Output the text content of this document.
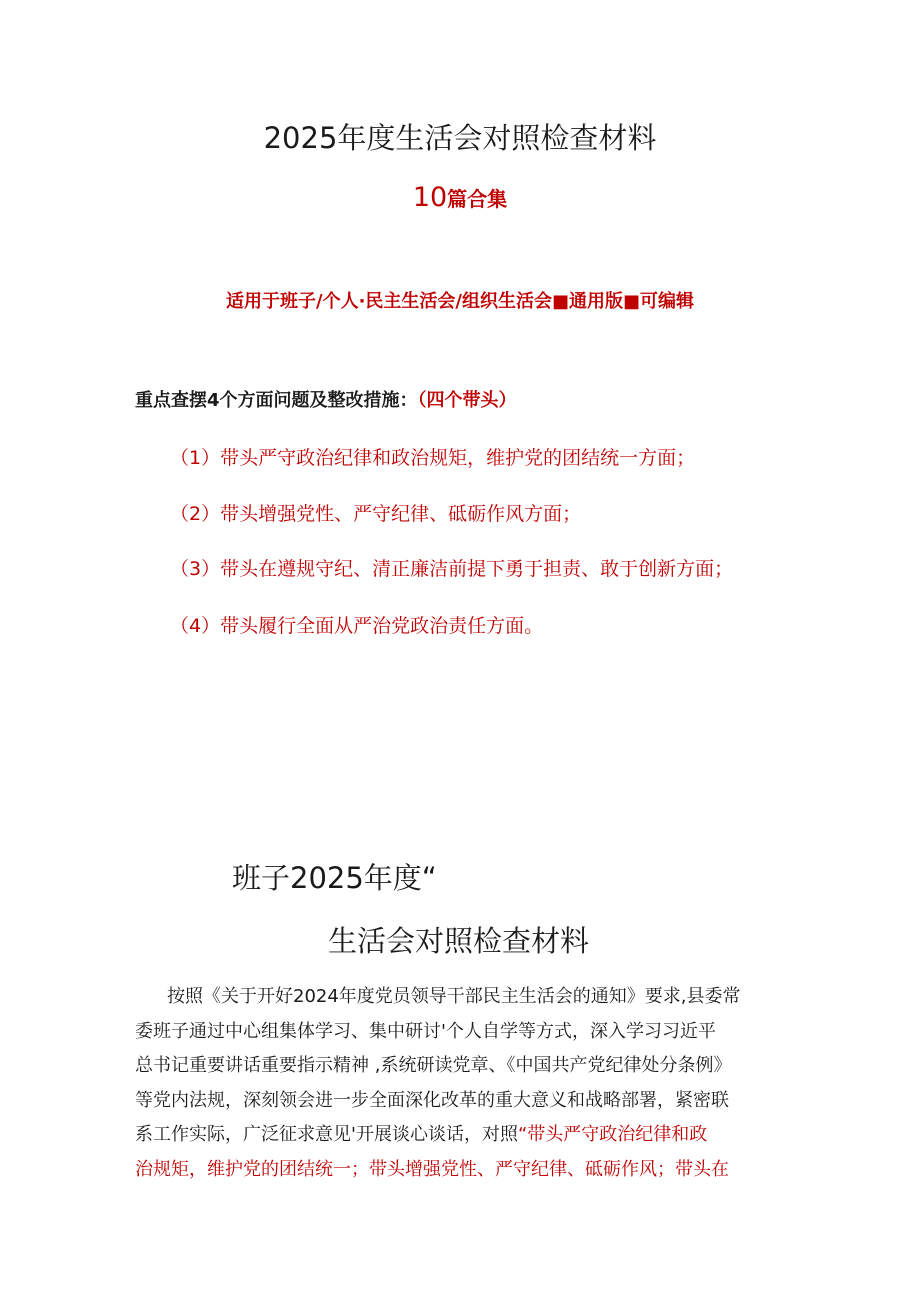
2025年度生活会对照检查材料
10篇合集
适用于班子/个人·民主生活会/组织生活会■通用版■可编辑
重点查摆4个方面问题及整改措施：（四个带头）
（1）带头严守政治纪律和政治规矩，维护党的团结统一方面；
（2）带头增强党性、严守纪律、砥砺作风方面；
（3）带头在遵规守纪、清正廉洁前提下勇于担责、敢于创新方面；
（4）带头履行全面从严治党政治责任方面。
班子2025年度“
生活会对照检查材料
按照《关于开好2024年度党员领导干部民主生活会的通知》要求,县委常
委班子通过中心组集体学习、集中研讨'个人自学等方式，深入学习习近平
总书记重要讲话重要指示精神 ,系统研读党章、《中国共产党纪律处分条例》
等党内法规，深刻领会进一步全面深化改革的重大意义和战略部署，紧密联
系工作实际，广泛征求意见'开展谈心谈话，对照“带头严守政治纪律和政
治规矩，维护党的团结统一；带头增强党性、严守纪律、砥砺作风；带头在
